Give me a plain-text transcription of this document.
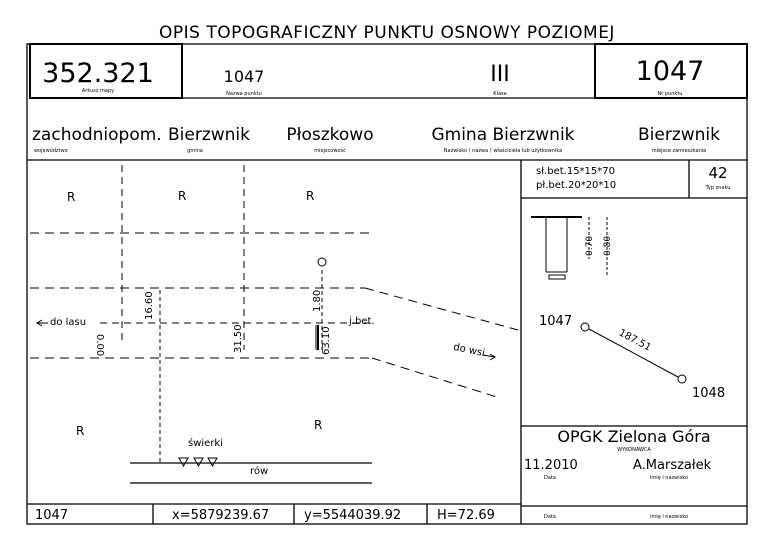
OPIS TOPOGRAFICZNY PUNKTU OSNOWY POZIOMEJ
352.321
Arkusz mapy
1047
Nazwa punktu
III
Klasa
1047
Nr punktu
zachodniopom.
województwo
Bierzwnik
gmina
Płoszkowo
miejscowość
Gmina Bierzwnik
Nazwisko ( nazwa ) właściciela lub użytkownika
Bierzwnik
miejsce zamieszkania
R	R	R
R	R
do lasu
do wsi
j.bet.
świerki
rów
0.00
16.60
31.50
1.80
63.10
sł.bet.15*15*70
pł.bet.20*20*10
42
Typ znaku
0.70 0.80
1047
1048
187.51
OPGK Zielona Góra
WYKONAWCA
11.2010
Data
A.Marszałek
imię i nazwisko
Data	imię i nazwisko
1047	x=5879239.67	y=5544039.92	H=72.69
